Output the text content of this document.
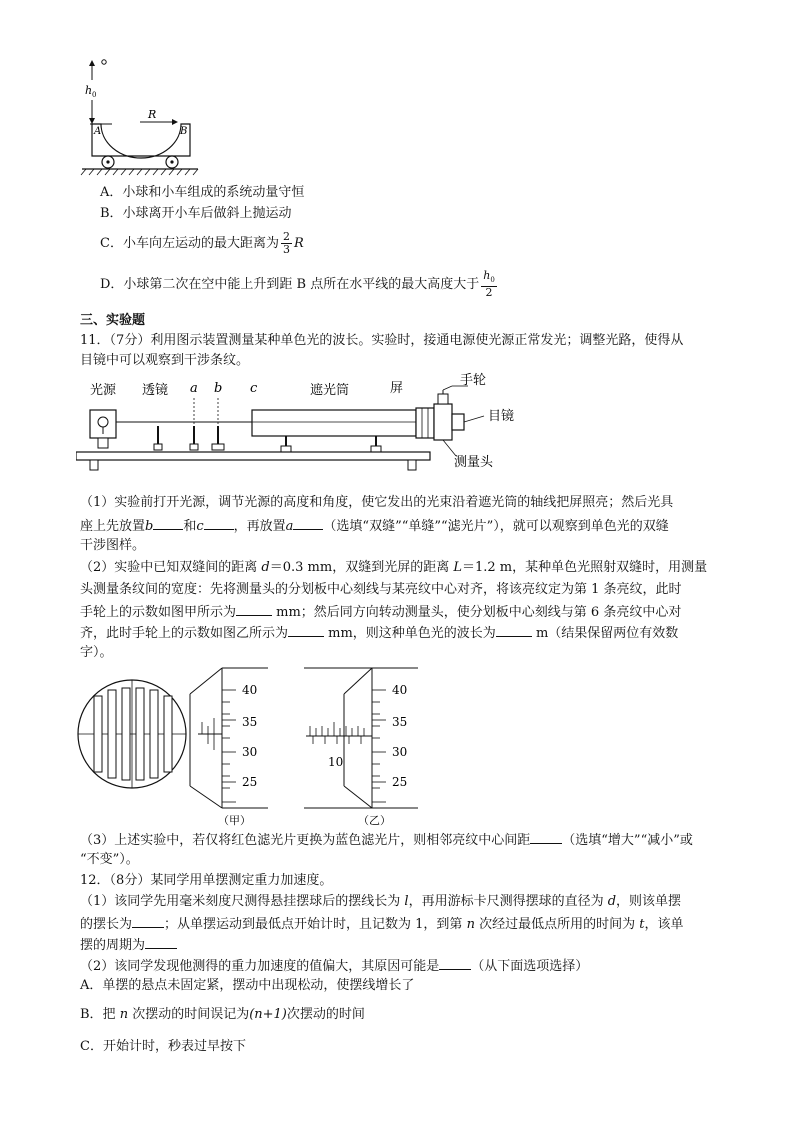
h 0
A	B
R
A．小球和小车组成的系统动量守恒
B．小球离开小车后做斜上抛运动
C．小车向左运动的最大距离为 $\frac{2}{3}$ R
D．小球第二次在空中能上升到距 B 点所在水平线的最大高度大于 $\frac{h_0}{2}$
三、实验题
11．（7分）利用图示装置测量某种单色光的波长。实验时，接通电源使光源正常发光；调整光路，使得从
目镜中可以观察到干涉条纹。
光源 透镜 a b c	遮光筒	屏
手轮
目镜
测量头
（1）实验前打开光源，调节光源的高度和角度，使它发出的光束沿着遮光筒的轴线把屏照亮；然后光具
座上先放置b 和c ，再放置a （选填“双缝”“单缝”“滤光片”），就可以观察到单色光的双缝
干涉图样。
（2）实验中已知双缝间的距离 d＝0.3 mm，双缝到光屏的距离 L＝1.2 m，某种单色光照射双缝时，用测量
头测量条纹间的宽度：先将测量头的分划板中心刻线与某亮纹中心对齐，将该亮纹定为第 1 条亮纹，此时
手轮上的示数如图甲所示为	mm；然后同方向转动测量头，使分划板中心刻线与第 6 条亮纹中心对
齐，此时手轮上的示数如图乙所示为	mm，则这种单色光的波长为	m（结果保留两位有效数
字）。
40
35
30
25
（甲）
40
35
30
25
10
（乙）
（3）上述实验中，若仅将红色滤光片更换为蓝色滤光片，则相邻亮纹中心间距 （选填“增大”“减小”或
“不变”）。
12．（8分）某同学用单摆测定重力加速度。
（1）该同学先用毫米刻度尺测得悬挂摆球后的摆线长为 l，再用游标卡尺测得摆球的直径为 d，则该单摆
的摆长为 ；从单摆运动到最低点开始计时，且记数为 1，到第 n 次经过最低点所用的时间为 t，该单
摆的周期为
（2）该同学发现他测得的重力加速度的值偏大，其原因可能是 （从下面选项选择）
A．单摆的悬点未固定紧，摆动中出现松动，使摆线增长了
B．把 n 次摆动的时间误记为(n+1)次摆动的时间
C．开始计时，秒表过早按下
